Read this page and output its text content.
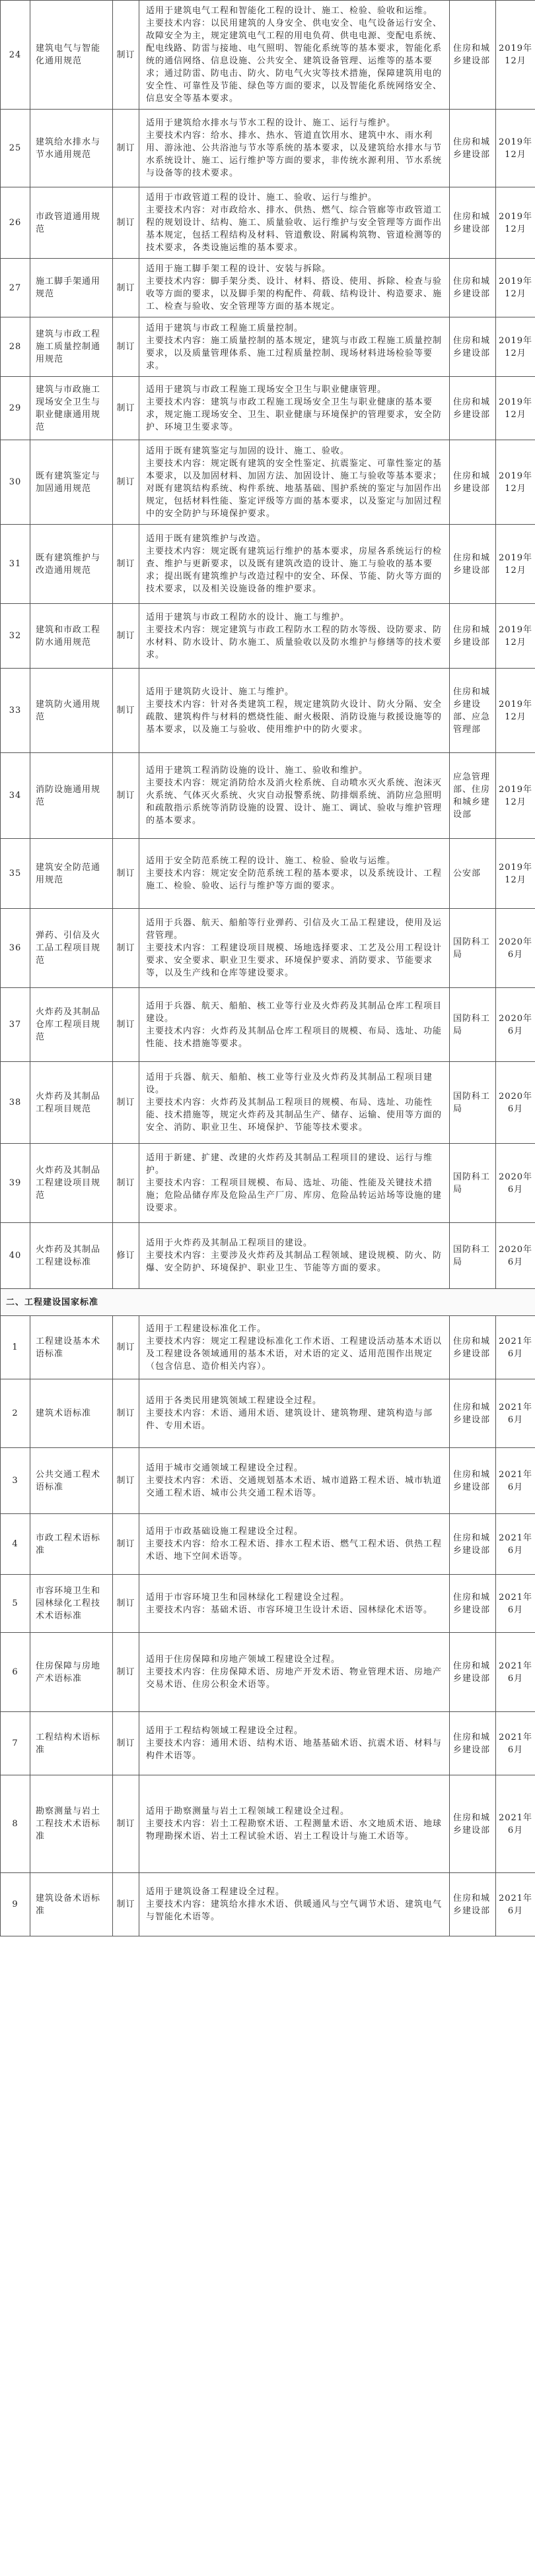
24	建筑电气与智能化通用规范	制订	适用于建筑电气工程和智能化工程的设计、施工、检验、验收和运维。
主要技术内容：以民用建筑的人身安全、供电安全、电气设备运行安全、故障安全为主，规定建筑电气工程的用电负荷、供电电源、变配电系统、配电线路、防雷与接地、电气照明、智能化系统等的基本要求，智能化系统的通信网络、信息设施、公共安全、建筑设备管理、运维等的基本要求；通过防雷、防电击、防火、防电气火灾等技术措施，保障建筑用电的安全性、可靠性及节能、绿色等方面的要求，以及智能化系统网络安全、信息安全等基本要求。	住房和城乡建设部	2019年12月
25	建筑给水排水与节水通用规范	制订	适用于建筑给水排水与节水工程的设计、施工、运行与维护。
主要技术内容：给水、排水、热水、管道直饮用水、建筑中水、雨水利用、游泳池、公共浴池与节水等系统的基本要求，以及建筑给水排水与节水系统设计、施工、运行维护等方面的要求，非传统水源利用、节水系统与设备等的技术要求。	住房和城乡建设部	2019年12月
26	市政管道通用规范	制订	适用于市政管道工程的设计、施工、验收、运行与维护。
主要技术内容：对市政给水、排水、供热、燃气、综合管廊等市政管道工程的规划设计、结构、施工、质量验收、运行维护与安全管理等方面作出基本规定，包括工程结构及材料、管道敷设、附属构筑物、管道检测等的技术要求，各类设施运维的基本要求。	住房和城乡建设部	2019年12月
27	施工脚手架通用规范	制订	适用于施工脚手架工程的设计、安装与拆除。
主要技术内容：脚手架分类、设计、材料、搭设、使用、拆除、检查与验收等方面的要求，以及脚手架的构配件、荷载、结构设计、构造要求、施工、检查与验收、安全管理等方面的基本规定。	住房和城乡建设部	2019年12月
28	建筑与市政工程施工质量控制通用规范	制订	适用于建筑与市政工程施工质量控制。
主要技术内容：施工质量控制的基本规定，建筑与市政工程施工质量控制要求，以及质量管理体系、施工过程质量控制、现场材料进场检验等要求。	住房和城乡建设部	2019年12月
29	建筑与市政施工现场安全卫生与职业健康通用规范	制订	适用于建筑与市政工程施工现场安全卫生与职业健康管理。
主要技术内容：建筑与市政工程施工现场安全卫生与职业健康的基本要求，规定施工现场安全、卫生、职业健康与环境保护的管理要求，安全防护、环境卫生要求等。	住房和城乡建设部	2019年12月
30	既有建筑鉴定与加固通用规范	制订	适用于既有建筑鉴定与加固的设计、施工、验收。
主要技术内容：规定既有建筑的安全性鉴定、抗震鉴定、可靠性鉴定的基本要求，以及加固材料、加固方法、加固设计、施工与验收等基本要求；对既有建筑结构系统、构件系统、地基基础、围护系统的鉴定与加固作出规定，包括材料性能、鉴定评级等方面的基本要求，以及鉴定与加固过程中的安全防护与环境保护要求。	住房和城乡建设部	2019年12月
31	既有建筑维护与改造通用规范	制订	适用于既有建筑维护与改造。
主要技术内容：规定既有建筑运行维护的基本要求，房屋各系统运行的检查、维护与更新要求，以及既有建筑改造的设计、施工与验收的基本要求；提出既有建筑维护与改造过程中的安全、环保、节能、防火等方面的技术要求，以及相关设施设备的维护要求。	住房和城乡建设部	2019年12月
32	建筑和市政工程防水通用规范	制订	适用于建筑与市政工程防水的设计、施工与维护。
主要技术内容：规定建筑与市政工程防水工程的防水等级、设防要求、防水材料、防水设计、防水施工、质量验收以及防水维护与修缮等的技术要求。	住房和城乡建设部	2019年12月
33	建筑防火通用规范	制订	适用于建筑防火设计、施工与维护。
主要技术内容：针对各类建筑工程，规定建筑防火设计、防火分隔、安全疏散、建筑构件与材料的燃烧性能、耐火极限、消防设施与救援设施等的基本要求，以及施工与验收、使用维护中的防火要求。	住房和城乡建设部、应急管理部	2019年12月
34	消防设施通用规范	制订	适用于建筑工程消防设施的设计、施工、验收和维护。
主要技术内容：规定消防给水及消火栓系统、自动喷水灭火系统、泡沫灭火系统、气体灭火系统、火灾自动报警系统、防排烟系统、消防应急照明和疏散指示系统等消防设施的设置、设计、施工、调试、验收与维护管理的基本要求。	应急管理部、住房和城乡建设部	2019年12月
35	建筑安全防范通用规范	制订	适用于安全防范系统工程的设计、施工、检验、验收与运维。
主要技术内容：规定安全防范系统工程的基本要求，以及系统设计、工程施工、检验、验收、运行与维护等方面的要求。	公安部	2019年12月
36	弹药、引信及火工品工程项目规范	制订	适用于兵器、航天、船舶等行业弹药、引信及火工品工程建设，使用及运营管理。
主要技术内容：工程建设项目规模、场地选择要求、工艺及公用工程设计要求、安全要求、职业卫生要求、环境保护要求、消防要求、节能要求等，以及生产线和仓库等建设要求。	国防科工局	2020年6月
37	火炸药及其制品仓库工程项目规范	制订	适用于兵器、航天、船舶、核工业等行业及火炸药及其制品仓库工程项目建设。
主要技术内容：火炸药及其制品仓库工程项目的规模、布局、选址、功能性能、技术措施等要求。	国防科工局	2020年6月
38	火炸药及其制品工程项目规范	制订	适用于兵器、航天、船舶、核工业等行业及火炸药及其制品工程项目建设。
主要技术内容：火炸药及其制品工程项目的规模、布局、选址、功能性能、技术措施等，规定火炸药及其制品生产、储存、运输、使用等方面的安全、消防、职业卫生、环境保护、节能等技术要求。	国防科工局	2020年6月
39	火炸药及其制品工程建设项目规范	制订	适用于新建、扩建、改建的火炸药及其制品工程项目的建设、运行与维护。
主要技术内容：工程项目规模、布局、选址、功能、性能及关键技术措施；危险品储存库及危险品生产厂房、库房、危险品转运站场等设施的建设要求。	国防科工局	2020年6月
40	火炸药及其制品工程建设标准	修订	适用于火炸药及其制品工程项目的建设。
主要技术内容：主要涉及火炸药及其制品工程领域、建设规模、防火、防爆、安全防护、环境保护、职业卫生、节能等方面的要求。	国防科工局	2020年6月
二、工程建设国家标准					
1	工程建设基本术语标准	制订	适用于工程建设标准化工作。
主要技术内容：规定工程建设标准化工作术语、工程建设活动基本术语以及工程建设各领域通用的基本术语，对术语的定义、适用范围作出规定（包含信息、造价相关内容）。	住房和城乡建设部	2021年6月
2	建筑术语标准	制订	适用于各类民用建筑领域工程建设全过程。
主要技术内容：术语、通用术语、建筑设计、建筑物理、建筑构造与部件、专用术语。	住房和城乡建设部	2021年6月
3	公共交通工程术语标准	制订	适用于城市交通领域工程建设全过程。
主要技术内容：术语、交通规划基本术语、城市道路工程术语、城市轨道交通工程术语、城市公共交通工程术语等。	住房和城乡建设部	2021年6月
4	市政工程术语标准	制订	适用于市政基础设施工程建设全过程。
主要技术内容：给水工程术语、排水工程术语、燃气工程术语、供热工程术语、地下空间术语等。	住房和城乡建设部	2021年6月
5	市容环境卫生和园林绿化工程技术术语标准	制订	适用于市容环境卫生和园林绿化工程建设全过程。
主要技术内容：基础术语、市容环境卫生设计术语、园林绿化术语等。	住房和城乡建设部	2021年6月
6	住房保障与房地产术语标准	制订	适用于住房保障和房地产领域工程建设全过程。
主要技术内容：住房保障术语、房地产开发术语、物业管理术语、房地产交易术语、住房公积金术语等。	住房和城乡建设部	2021年6月
7	工程结构术语标准	制订	适用于工程结构领域工程建设全过程。
主要技术内容：通用术语、结构术语、地基基础术语、抗震术语、材料与构件术语等。	住房和城乡建设部	2021年6月
8	勘察测量与岩土工程技术术语标准	制订	适用于勘察测量与岩土工程领域工程建设全过程。
主要技术内容：岩土工程勘察术语、工程测量术语、水文地质术语、地球物理勘探术语、岩土工程试验术语、岩土工程设计与施工术语等。	住房和城乡建设部	2021年6月
9	建筑设备术语标准	制订	适用于建筑设备工程建设全过程。
主要技术内容：建筑给水排水术语、供暖通风与空气调节术语、建筑电气与智能化术语等。	住房和城乡建设部	2021年6月
